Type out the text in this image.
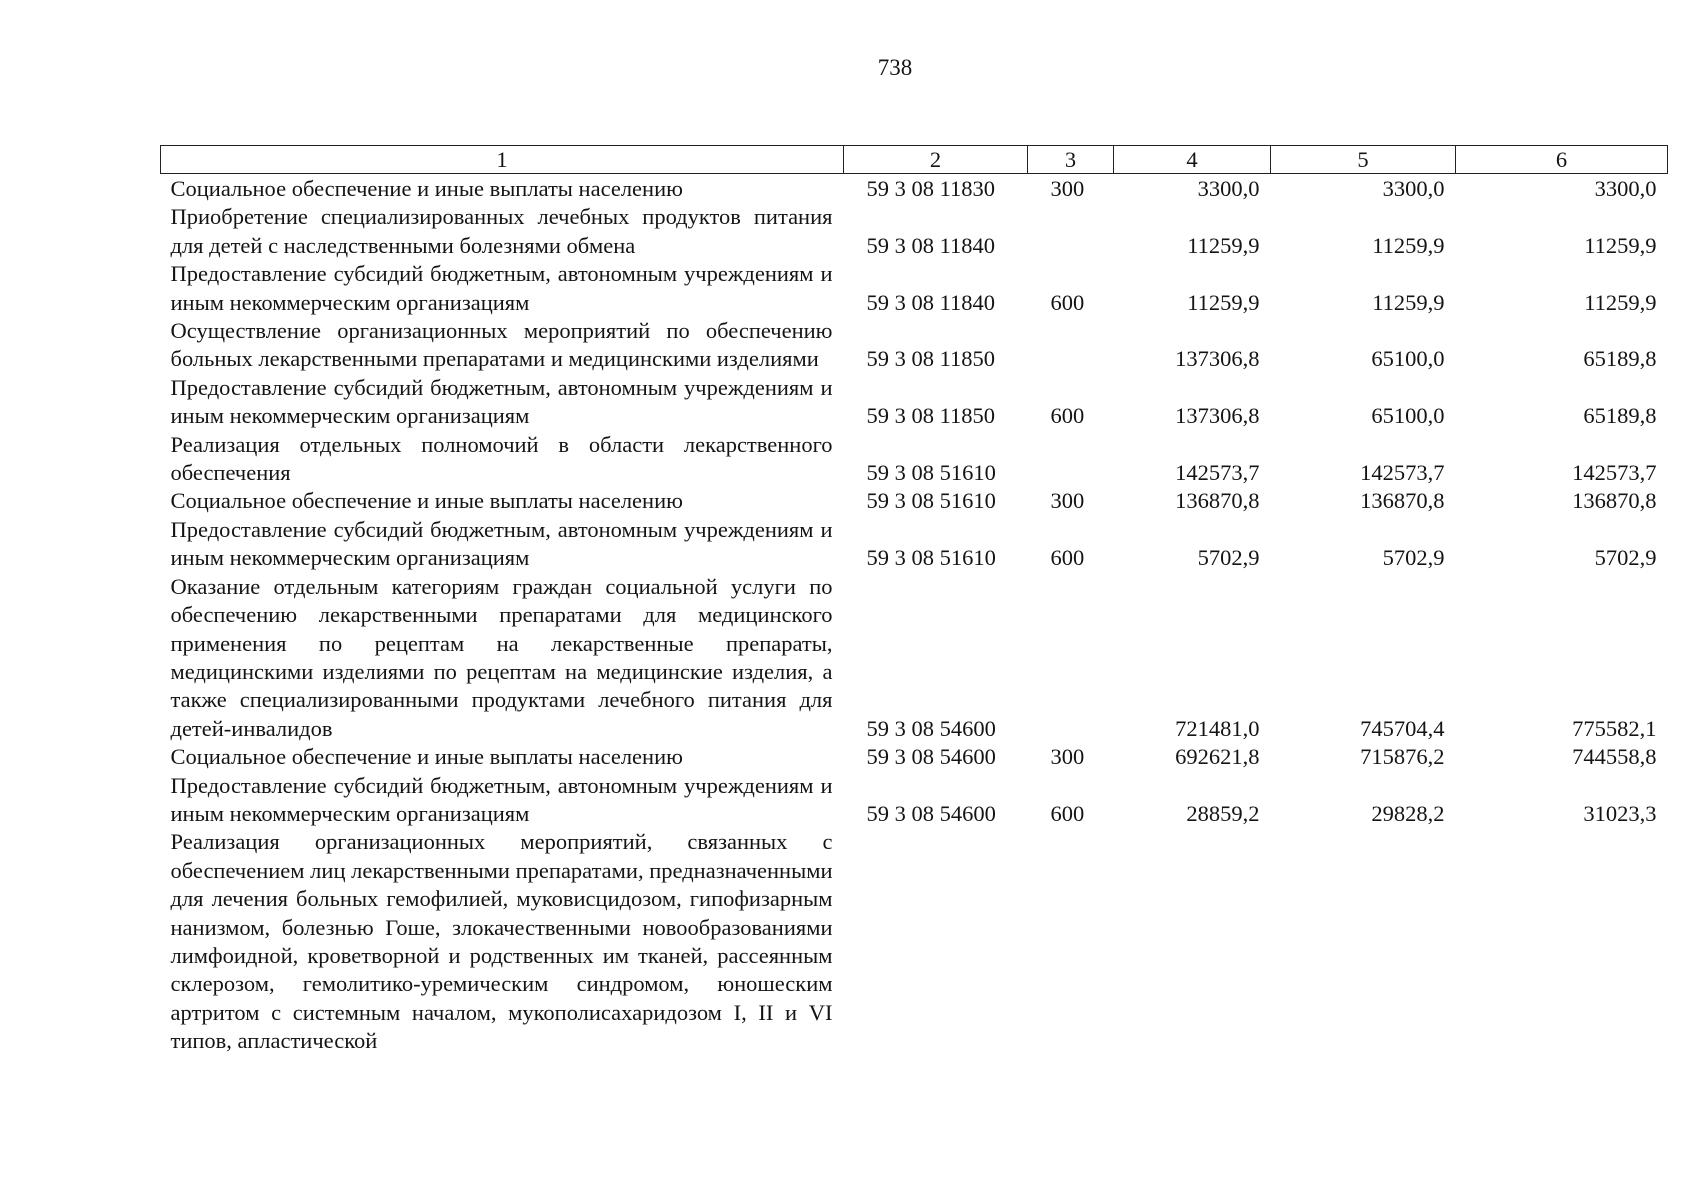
738
1	2	3	4	5	6
Социальное обеспечение и иные выплаты населению	59 3 08 11830	300	3300,0	3300,0	3300,0
Приобретение специализированных лечебных продуктов питания для детей с наследственными болезнями обмена	59 3 08 11840		11259,9	11259,9	11259,9
Предоставление субсидий бюджетным, автономным учреждениям и иным некоммерческим организациям	59 3 08 11840	600	11259,9	11259,9	11259,9
Осуществление организационных мероприятий по обеспечению больных лекарственными препаратами и медицинскими изделиями	59 3 08 11850		137306,8	65100,0	65189,8
Предоставление субсидий бюджетным, автономным учреждениям и иным некоммерческим организациям	59 3 08 11850	600	137306,8	65100,0	65189,8
Реализация отдельных полномочий в области лекарственного обеспечения	59 3 08 51610		142573,7	142573,7	142573,7
Социальное обеспечение и иные выплаты населению	59 3 08 51610	300	136870,8	136870,8	136870,8
Предоставление субсидий бюджетным, автономным учреждениям и иным некоммерческим организациям	59 3 08 51610	600	5702,9	5702,9	5702,9
Оказание отдельным категориям граждан социальной услуги по обеспечению лекарственными препаратами для медицинского применения по рецептам на лекарственные препараты, медицинскими изделиями по рецептам на медицинские изделия, а также специализированными продуктами лечебного питания для детей-инвалидов	59 3 08 54600		721481,0	745704,4	775582,1
Социальное обеспечение и иные выплаты населению	59 3 08 54600	300	692621,8	715876,2	744558,8
Предоставление субсидий бюджетным, автономным учреждениям и иным некоммерческим организациям	59 3 08 54600	600	28859,2	29828,2	31023,3
Реализация организационных мероприятий, связанных с обеспечением лиц лекарственными препаратами, предназначенными для лечения больных гемофилией, муковисцидозом, гипофизарным нанизмом, болезнью Гоше, злокачественными новообразованиями лимфоидной, кроветворной и родственных им тканей, рассеянным склерозом, гемолитико-уремическим синдромом, юношеским артритом с системным началом, мукополисахаридозом I, II и VI типов, апластической					
